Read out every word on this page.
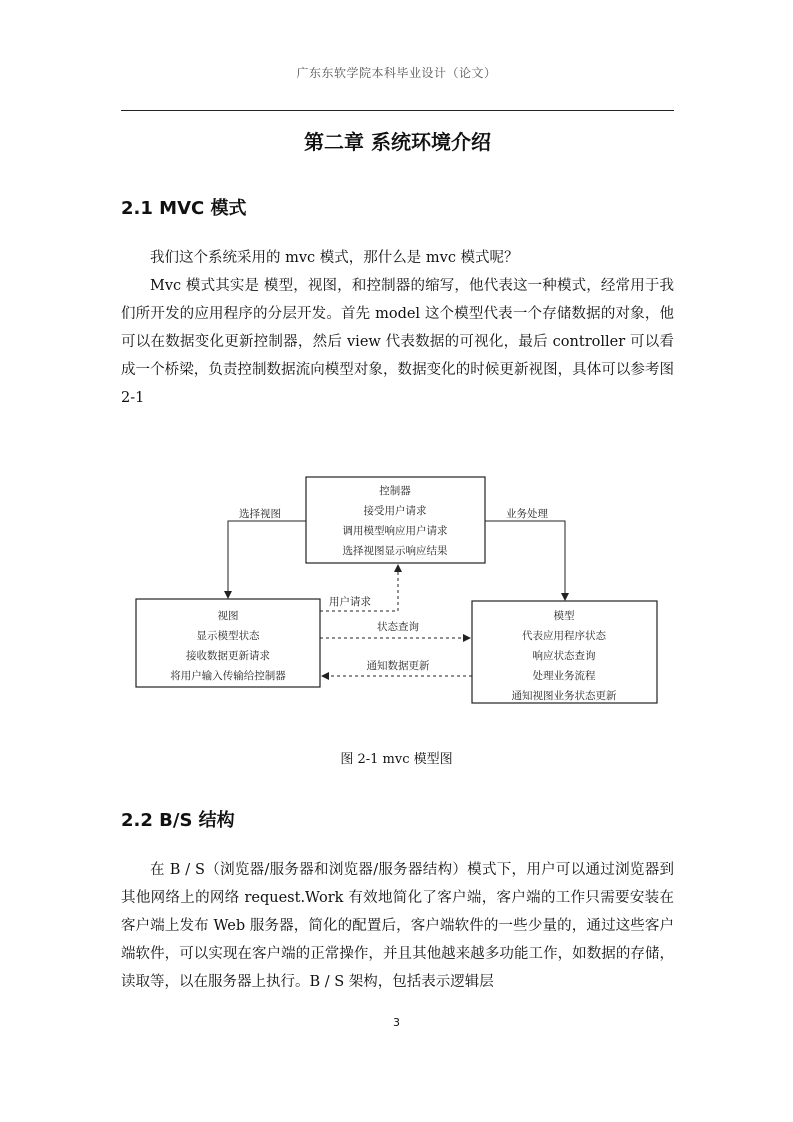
广东东软学院本科毕业设计（论文）
第二章 系统环境介绍
2.1 MVC 模式

我们这个系统采用的 mvc 模式，那什么是 mvc 模式呢？

Mvc 模式其实是 模型，视图，和控制器的缩写，他代表这一种模式，经常用于我们所开发的应用程序的分层开发。首先 model 这个模型代表一个存储数据的对象，他可以在数据变化更新控制器，然后 view 代表数据的可视化，最后 controller 可以看成一个桥梁，负责控制数据流向模型对象，数据变化的时候更新视图，具体可以参考图 2-1

控制器
接受用户请求
调用模型响应用户请求
选择视图显示响应结果
视图
显示模型状态
接收数据更新请求
将用户输入传输给控制器
模型
代表应用程序状态
响应状态查询
处理业务流程
通知视图业务状态更新
选择视图	业务处理
用户请求
状态查询
通知数据更新
图 2-1 mvc 模型图
2.2 B/S 结构

在 B / S（浏览器/服务器和浏览器/服务器结构）模式下，用户可以通过浏览器到其他网络上的网络 request.Work 有效地简化了客户端，客户端的工作只需要安装在客户端上发布 Web 服务器，简化的配置后，客户端软件的一些少量的，通过这些客户端软件，可以实现在客户端的正常操作，并且其他越来越多功能工作，如数据的存储，读取等，以在服务器上执行。B / S 架构，包括表示逻辑层

3
